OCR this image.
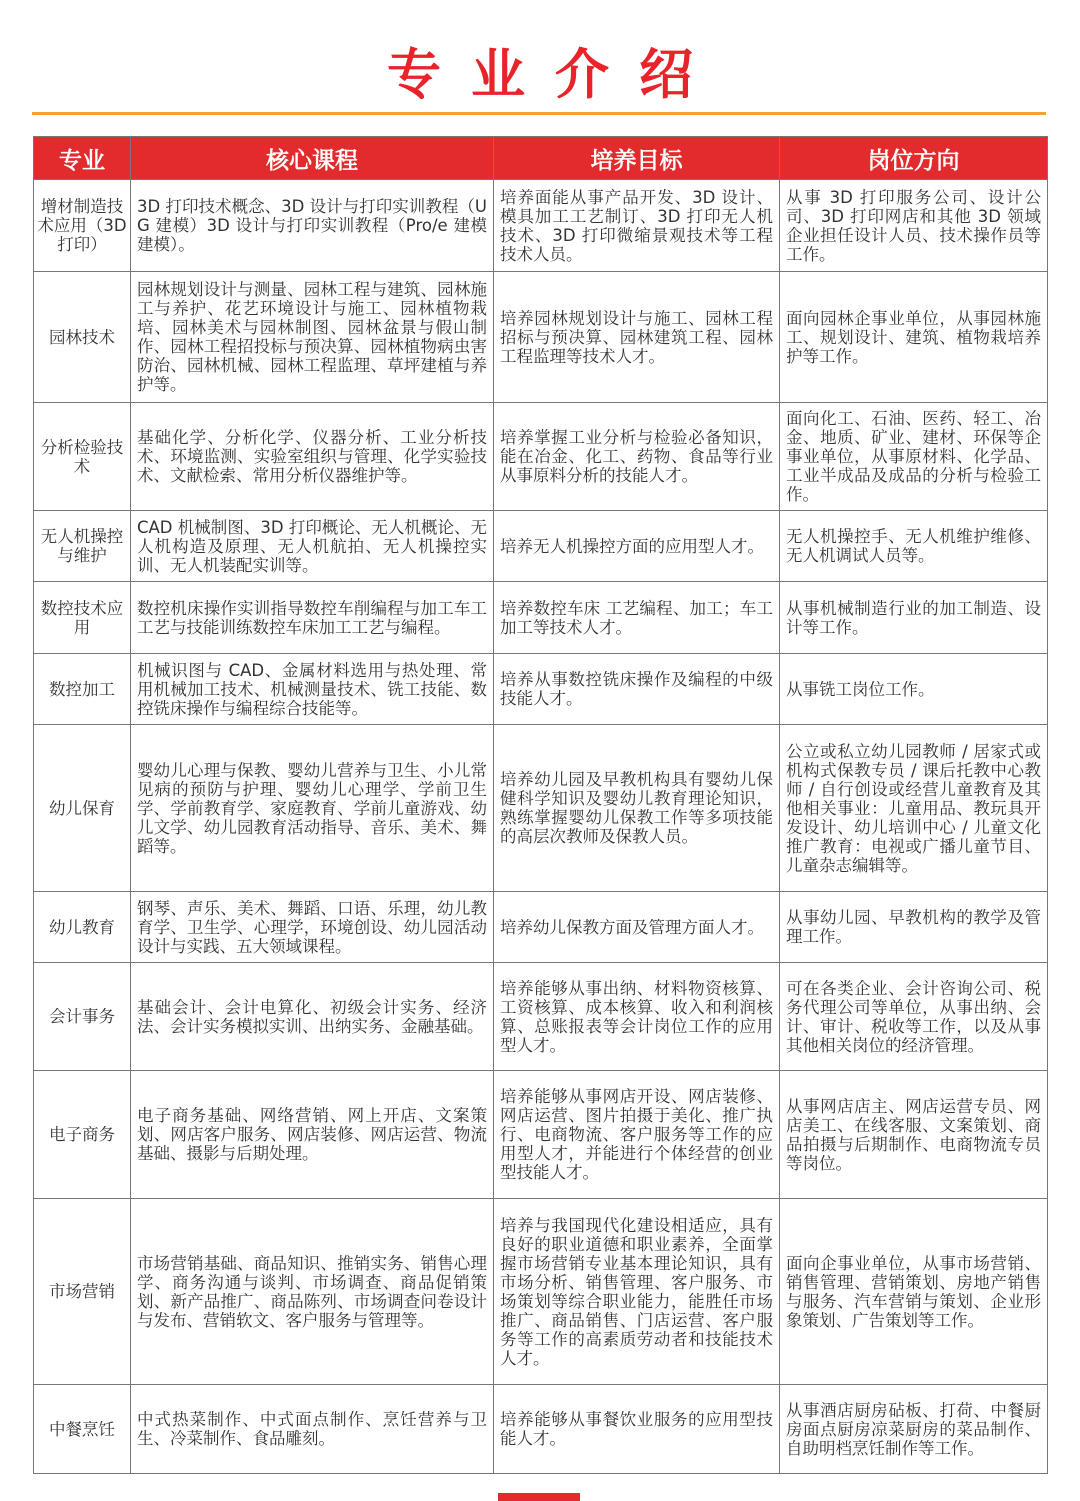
专业介绍
专业	核心课程	培养目标	岗位方向
增材制造技术应用（3D打印）	3D 打印技术概念、3D 设计与打印实训教程（UG 建模）3D 设计与打印实训教程（Pro/e 建模建模）。	培养面能从事产品开发、3D 设计、模具加工工艺制订、3D 打印无人机技术、3D 打印微缩景观技术等工程技术人员。	从事 3D 打印服务公司、设计公司、3D 打印网店和其他 3D 领域企业担任设计人员、技术操作员等工作。
园林技术	园林规划设计与测量、园林工程与建筑、园林施工与养护、花艺环境设计与施工、园林植物栽培、园林美术与园林制图、园林盆景与假山制作、园林工程招投标与预决算、园林植物病虫害防治、园林机械、园林工程监理、草坪建植与养护等。	培养园林规划设计与施工、园林工程招标与预决算、园林建筑工程、园林工程监理等技术人才。	面向园林企事业单位，从事园林施工、规划设计、建筑、植物栽培养护等工作。
分析检验技术	基础化学、分析化学、仪器分析、工业分析技术、环境监测、实验室组织与管理、化学实验技术、文献检索、常用分析仪器维护等。	培养掌握工业分析与检验必备知识，能在冶金、化工、药物、食品等行业从事原料分析的技能人才。	面向化工、石油、医药、轻工、冶金、地质、矿业、建材、环保等企事业单位，从事原材料、化学品、工业半成品及成品的分析与检验工作。
无人机操控与维护	CAD 机械制图、3D 打印概论、无人机概论、无人机构造及原理、无人机航拍、无人机操控实训、无人机装配实训等。	培养无人机操控方面的应用型人才。	无人机操控手、无人机维护维修、无人机调试人员等。
数控技术应用	数控机床操作实训指导数控车削编程与加工车工工艺与技能训练数控车床加工工艺与编程。	培养数控车床 工艺编程、加工；车工加工等技术人才。	从事机械制造行业的加工制造、设计等工作。
数控加工	机械识图与 CAD、金属材料选用与热处理、常用机械加工技术、机械测量技术、铣工技能、数控铣床操作与编程综合技能等。	培养从事数控铣床操作及编程的中级技能人才。	从事铣工岗位工作。
幼儿保育	婴幼儿心理与保教、婴幼儿营养与卫生、小儿常见病的预防与护理、婴幼儿心理学、学前卫生学、学前教育学、家庭教育、学前儿童游戏、幼儿文学、幼儿园教育活动指导、音乐、美术、舞蹈等。	培养幼儿园及早教机构具有婴幼儿保健科学知识及婴幼儿教育理论知识，熟练掌握婴幼儿保教工作等多项技能的高层次教师及保教人员。	公立或私立幼儿园教师 / 居家式或机构式保教专员 / 课后托教中心教师 / 自行创设或经营儿童教育及其他相关事业：儿童用品、教玩具开发设计、幼儿培训中心 / 儿童文化推广教育：电视或广播儿童节目、儿童杂志编辑等。
幼儿教育	钢琴、声乐、美术、舞蹈、口语、乐理，幼儿教育学、卫生学、心理学，环境创设、幼儿园活动设计与实践、五大领域课程。	培养幼儿保教方面及管理方面人才。	从事幼儿园、早教机构的教学及管理工作。
会计事务	基础会计、会计电算化、初级会计实务、经济法、会计实务模拟实训、出纳实务、金融基础。	培养能够从事出纳、材料物资核算、工资核算、成本核算、收入和利润核算、总账报表等会计岗位工作的应用型人才。	可在各类企业、会计咨询公司、税务代理公司等单位，从事出纳、会计、审计、税收等工作，以及从事其他相关岗位的经济管理。
电子商务	电子商务基础、网络营销、网上开店、文案策划、网店客户服务、网店装修、网店运营、物流基础、摄影与后期处理。	培养能够从事网店开设、网店装修、网店运营、图片拍摄于美化、推广执行、电商物流、客户服务等工作的应用型人才，并能进行个体经营的创业型技能人才。	从事网店店主、网店运营专员、网店美工、在线客服、文案策划、商品拍摄与后期制作、电商物流专员等岗位。
市场营销	市场营销基础、商品知识、推销实务、销售心理学、商务沟通与谈判、市场调查、商品促销策划、新产品推广、商品陈列、市场调查问卷设计与发布、营销软文、客户服务与管理等。	培养与我国现代化建设相适应，具有良好的职业道德和职业素养，全面掌握市场营销专业基本理论知识，具有市场分析、销售管理、客户服务、市场策划等综合职业能力，能胜任市场推广、商品销售、门店运营、客户服务等工作的高素质劳动者和技能技术人才。	面向企事业单位，从事市场营销、销售管理、营销策划、房地产销售与服务、汽车营销与策划、企业形象策划、广告策划等工作。
中餐烹饪	中式热菜制作、中式面点制作、烹饪营养与卫生、冷菜制作、食品雕刻。	培养能够从事餐饮业服务的应用型技能人才。	从事酒店厨房砧板、打荷、中餐厨房面点厨房凉菜厨房的菜品制作、自助明档烹饪制作等工作。
